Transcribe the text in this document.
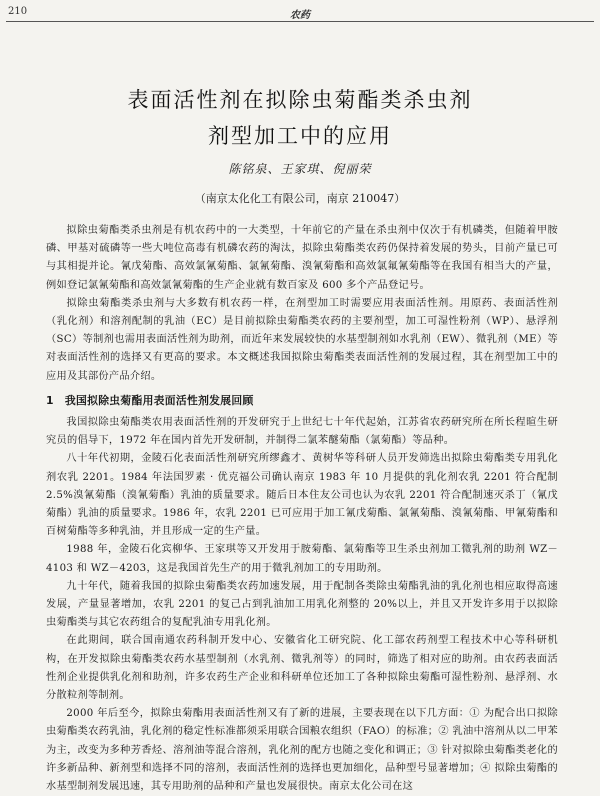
210	农药
表面活性剂在拟除虫菊酯类杀虫剂
剂型加工中的应用
陈铭泉、王家琪、倪丽荣
（南京太化化工有限公司，南京 210047）

拟除虫菊酯类杀虫剂是有机农药中的一大类型，十年前它的产量在杀虫剂中仅次于有机磷类，但随着甲胺磷、甲基对硫磷等一些大吨位高毒有机磷农药的淘汰，拟除虫菊酯类农药仍保持着发展的势头，目前产量已可与其相提并论。氰戊菊酯、高效氯氰菊酯、氯氰菊酯、溴氰菊酯和高效氯氟氰菊酯等在我国有相当大的产量，例如登记氯氰菊酯和高效氯氰菊酯的生产企业就有数百家及 600 多个产品登记号。

拟除虫菊酯类杀虫剂与大多数有机农药一样，在剂型加工时需要应用表面活性剂。用原药、表面活性剂（乳化剂）和溶剂配制的乳油（EC）是目前拟除虫菊酯类农药的主要剂型，加工可湿性粉剂（WP）、悬浮剂（SC）等制剂也需用表面活性剂为助剂，而近年来发展较快的水基型制剂如水乳剂（EW）、微乳剂（ME）等对表面活性剂的选择又有更高的要求。本文概述我国拟除虫菊酯类表面活性剂的发展过程，其在剂型加工中的应用及其部份产品介绍。

1　我国拟除虫菊酯用表面活性剂发展回顾

我国拟除虫菊酯类农用表面活性剂的开发研究于上世纪七十年代起始，江苏省农药研究所在所长程暄生研究员的倡导下，1972 年在国内首先开发研制，并制得二氯苯醚菊酯（氯菊酯）等品种。

八十年代初期，金陵石化表面活性剂研究所缪鑫才、黄树华等科研人员开发筛选出拟除虫菊酯类专用乳化剂农乳 2201。1984 年法国罗素 · 优克福公司确认南京 1983 年 10 月提供的乳化剂农乳 2201 符合配制 2.5%溴氰菊酯（溴氰菊酯）乳油的质量要求。随后日本住友公司也认为农乳 2201 符合配制速灭杀丁（氰戊菊酯）乳油的质量要求。1986 年，农乳 2201 已可应用于加工氰戊菊酯、氯氰菊酯、溴氰菊酯、甲氰菊酯和百树菊酯等多种乳油，并且形成一定的生产量。

1988 年，金陵石化宾柳华、王家琪等又开发用于胺菊酯、氯菊酯等卫生杀虫剂加工微乳剂的助剂 WZ－4103 和 WZ－4203，这是我国首先生产的用于微乳剂加工的专用助剂。

九十年代，随着我国的拟除虫菊酯类农药加速发展，用于配制各类除虫菊酯乳油的乳化剂也相应取得高速发展，产量显著增加，农乳 2201 的复己占到乳油加工用乳化剂整的 20%以上，并且又开发许多用于以拟除虫菊酯类与其它农药组合的复配乳油专用乳化剂。

在此期间，联合国南通农药科制开发中心、安徽省化工研究院、化工部农药剂型工程技术中心等科研机构，在开发拟除虫菊酯类农药水基型制剂（水乳剂、微乳剂等）的同时，筛选了相对应的助剂。由农药表面活性剂企业提供乳化剂和助剂，许多农药生产企业和科研单位还加工了各种拟除虫菊酯可湿性粉剂、悬浮剂、水分散粒剂等制剂。

2000 年后至今，拟除虫菊酯用表面活性剂又有了新的进展，主要表现在以下几方面：① 为配合出口拟除虫菊酯类农药乳油，乳化剂的稳定性标准都须采用联合国粮农组织（FAO）的标准；② 乳油中溶剂从以二甲苯为主，改变为多种芳香烃、溶剂油等混合溶剂，乳化剂的配方也随之变化和调正；③ 针对拟除虫菊酯类老化的许多新品种、新剂型和选择不同的溶剂，表面活性剂的选择也更加细化，品种型号显著增加；④ 拟除虫菊酯的水基型制剂发展迅速，其专用助剂的品种和产量也发展很快。南京太化公司在这
